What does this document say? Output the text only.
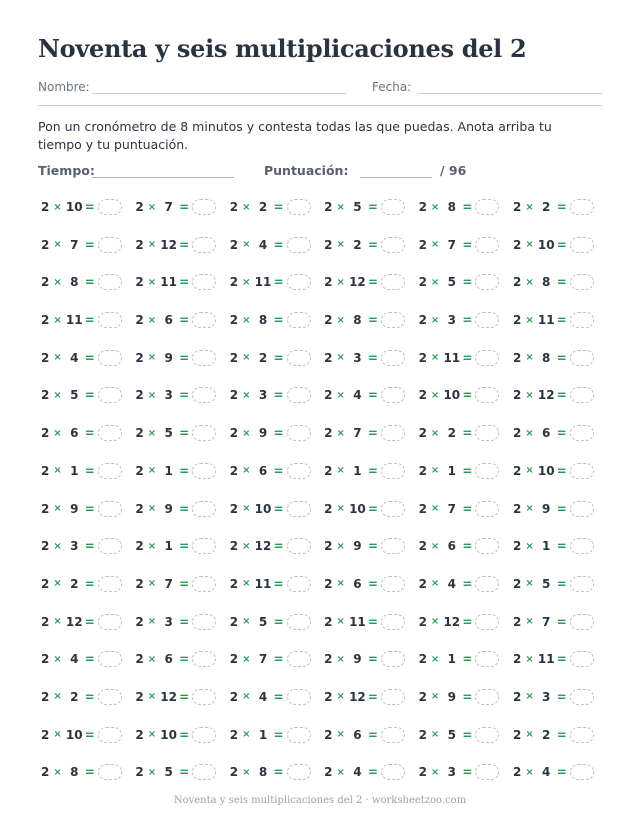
Noventa y seis multiplicaciones del 2
Nombre:	Fecha:
Pon un cronómetro de 8 minutos y contesta todas las que puedas. Anota arriba tu tiempo y tu puntuación.
Tiempo:	Puntuación:	/ 96
2 × 10 =	2 × 7 =	2 × 2 =	2 × 5 =	2 × 8 =	2 × 2 =
2 × 7 =	2 × 12 =	2 × 4 =	2 × 2 =	2 × 7 =	2 × 10 =
2 × 8 =	2 × 11 =	2 × 11 =	2 × 12 =	2 × 5 =	2 × 8 =
2 × 11 =	2 × 6 =	2 × 8 =	2 × 8 =	2 × 3 =	2 × 11 =
2 × 4 =	2 × 9 =	2 × 2 =	2 × 3 =	2 × 11 =	2 × 8 =
2 × 5 =	2 × 3 =	2 × 3 =	2 × 4 =	2 × 10 =	2 × 12 =
2 × 6 =	2 × 5 =	2 × 9 =	2 × 7 =	2 × 2 =	2 × 6 =
2 × 1 =	2 × 1 =	2 × 6 =	2 × 1 =	2 × 1 =	2 × 10 =
2 × 9 =	2 × 9 =	2 × 10 =	2 × 10 =	2 × 7 =	2 × 9 =
2 × 3 =	2 × 1 =	2 × 12 =	2 × 9 =	2 × 6 =	2 × 1 =
2 × 2 =	2 × 7 =	2 × 11 =	2 × 6 =	2 × 4 =	2 × 5 =
2 × 12 =	2 × 3 =	2 × 5 =	2 × 11 =	2 × 12 =	2 × 7 =
2 × 4 =	2 × 6 =	2 × 7 =	2 × 9 =	2 × 1 =	2 × 11 =
2 × 2 =	2 × 12 =	2 × 4 =	2 × 12 =	2 × 9 =	2 × 3 =
2 × 10 =	2 × 10 =	2 × 1 =	2 × 6 =	2 × 5 =	2 × 2 =
2 × 8 =	2 × 5 =	2 × 8 =	2 × 4 =	2 × 3 =	2 × 4 =
Noventa y seis multiplicaciones del 2 · worksheetzoo.com
